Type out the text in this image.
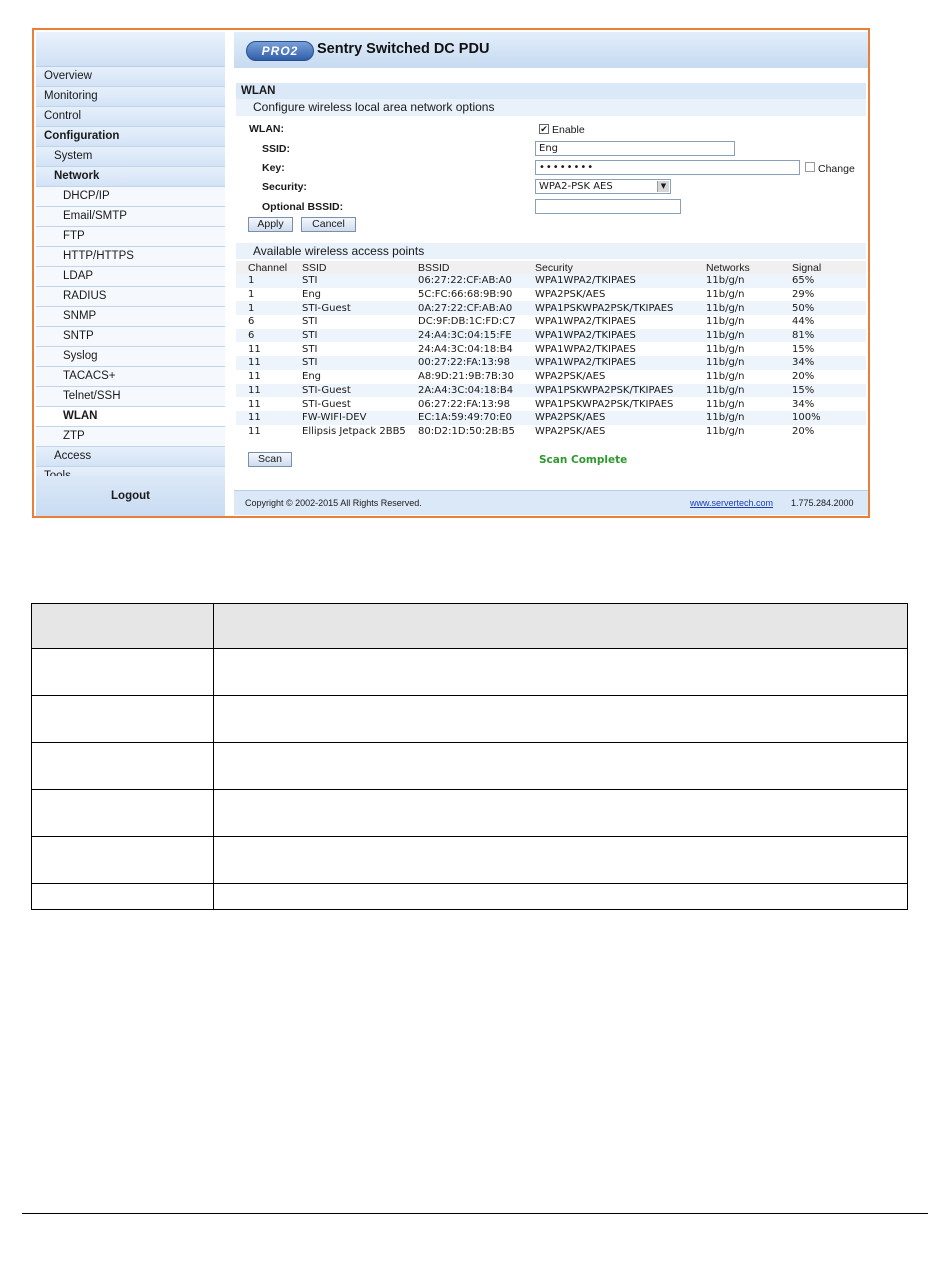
Overview
Monitoring
Control
Configuration
System
Network
DHCP/IP
Email/SMTP
FTP
HTTP/HTTPS
LDAP
RADIUS
SNMP
SNTP
Syslog
TACACS+
Telnet/SSH
WLAN
ZTP
Access
Logout
PRO2	Sentry Switched DC PDU
WLAN
Configure wireless local area network options
WLAN:	✔ Enable
SSID:	Eng
Key:	••••••••	Change
Security:	WPA2-PSK AES	▼
Optional BSSID:
Apply	Cancel
Available wireless access points
Channel	SSID	BSSID	Security	Networks	Signal
1	STI	06:27:22:CF:AB:A0	WPA1WPA2/TKIPAES	11b/g/n	65%
1	Eng	5C:FC:66:68:9B:90	WPA2PSK/AES	11b/g/n	29%
1	STI-Guest	0A:27:22:CF:AB:A0	WPA1PSKWPA2PSK/TKIPAES	11b/g/n	50%
6	STI	DC:9F:DB:1C:FD:C7	WPA1WPA2/TKIPAES	11b/g/n	44%
6	STI	24:A4:3C:04:15:FE	WPA1WPA2/TKIPAES	11b/g/n	81%
11	STI	24:A4:3C:04:18:B4	WPA1WPA2/TKIPAES	11b/g/n	15%
11	STI	00:27:22:FA:13:98	WPA1WPA2/TKIPAES	11b/g/n	34%
11	Eng	A8:9D:21:9B:7B:30	WPA2PSK/AES	11b/g/n	20%
11	STI-Guest	2A:A4:3C:04:18:B4	WPA1PSKWPA2PSK/TKIPAES	11b/g/n	15%
11	STI-Guest	06:27:22:FA:13:98	WPA1PSKWPA2PSK/TKIPAES	11b/g/n	34%
11	FW-WIFI-DEV	EC:1A:59:49:70:E0	WPA2PSK/AES	11b/g/n	100%
11	Ellipsis Jetpack 2BB5	80:D2:1D:50:2B:B5	WPA2PSK/AES	11b/g/n	20%
Scan	Scan Complete
Copyright © 2002-2015 All Rights Reserved.	www.servertech.com 1.775.284.2000
